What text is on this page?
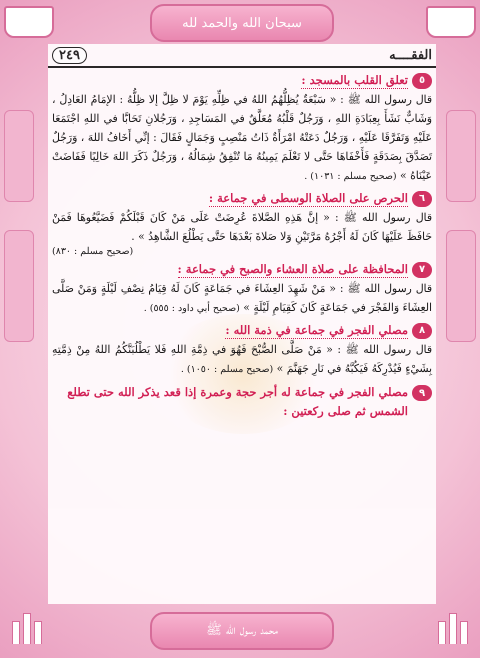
سبحان الله والحمد لله
محمد رسول الله ﷺ
٢٤٩	الفقــــه
٥
تعلق القلب بالمسجد :

قال رسول الله ﷺ : « سَبْعَةٌ يُظِلُّهُمُ اللهُ في ظِلِّهِ يَوْمَ لا ظِلَّ إلا ظِلُّهُ : الإمَامُ العَادِلُ ، وَشَابٌّ نَشَأَ بِعِبَادَةِ اللهِ ، وَرَجُلٌ قَلْبُهُ مُعَلَّقٌ في المَسَاجِدِ ، وَرَجُلانِ تَحَابَّا في اللهِ اجْتَمَعَا عَلَيْهِ وَتَفَرَّقَا عَلَيْهِ ، وَرَجُلٌ دَعَتْهُ امْرَأَةٌ ذَاتُ مَنْصِبٍ وَجَمَالٍ فَقَالَ : إنِّي أَخَافُ اللهَ ، وَرَجُلٌ تَصَدَّقَ بِصَدَقَةٍ فَأَخْفَاهَا حَتَّى لا تَعْلَمَ يَمِينُهُ مَا تُنْفِقُ شِمَالُهُ ، وَرَجُلٌ ذَكَرَ اللهَ خَالِيًا فَفَاضَتْ عَيْنَاهُ » (صحيح مسلم : ١٠٣١) .

٦
الحرص على الصلاة الوسطى في جماعة :

قال رسول الله ﷺ : « إنَّ هَذِهِ الصَّلاةَ عُرِضَتْ عَلَى مَنْ كَانَ قَبْلَكُمْ فَضَيَّعُوهَا فَمَنْ حَافَظَ عَلَيْهَا كَانَ لَهُ أَجْرُهُ مَرَّتَيْنِ وَلا صَلاةَ بَعْدَهَا حَتَّى يَطْلُعَ الشَّاهِدُ » .

(صحيح مسلم : ٨٣٠)
٧
المحافظة على صلاة العشاء والصبح في جماعة :

قال رسول الله ﷺ : « مَنْ شَهِدَ العِشَاءَ في جَمَاعَةٍ كَانَ لَهُ قِيَامُ نِصْفِ لَيْلَةٍ وَمَنْ صَلَّى العِشَاءَ وَالفَجْرَ في جَمَاعَةٍ كَانَ كَقِيَامِ لَيْلَةٍ » (صحيح أبي داود : ٥٥٥) .

٨
مصلي الفجر في جماعة في ذمة الله :

قال رسول الله ﷺ : « مَنْ صَلَّى الصُّبْحَ فَهُوَ في ذِمَّةِ اللهِ فَلا يَطْلُبَنَّكُمُ اللهُ مِنْ ذِمَّتِهِ بِشَيْءٍ فَيُدْرِكَهُ فَيَكُبَّهُ في نَارِ جَهَنَّمَ » (صحيح مسلم : ١٠٥٠) .

٩
مصلي الفجر في جماعة له أجر حجة وعمرة إذا قعد يذكر الله حتى تطلع الشمس ثم صلى ركعتين :
